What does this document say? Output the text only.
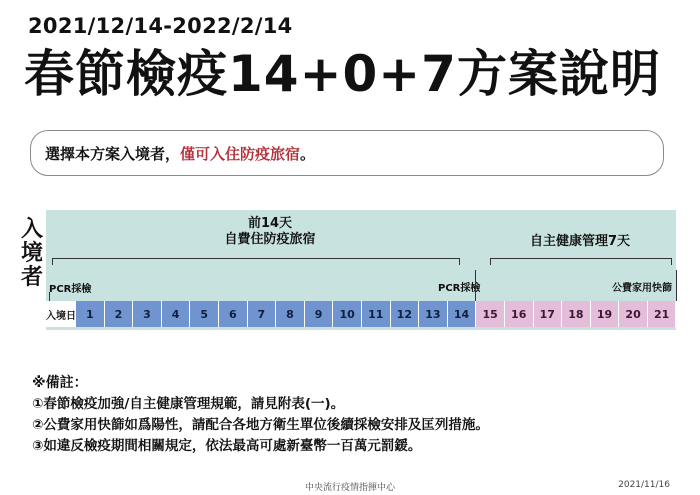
2021/12/14-2022/2/14
春節檢疫14+0+7方案說明
選擇本方案入境者，僅可入住防疫旅宿。
入境者
前14天
自費住防疫旅宿	自主健康管理7天
PCR採檢	PCR採檢	公費家用快篩
入境日 1	2	3	4	5	6	7	8	9	10	11	12	13	14	15	16	17	18	19	20	21
※備註：
①春節檢疫加強/自主健康管理規範，請見附表(一)。
②公費家用快篩如爲陽性，請配合各地方衛生單位後續採檢安排及匡列措施。
③如違反檢疫期間相關規定，依法最高可處新臺幣一百萬元罰鍰。
中央流行疫情指揮中心	2021/11/16
